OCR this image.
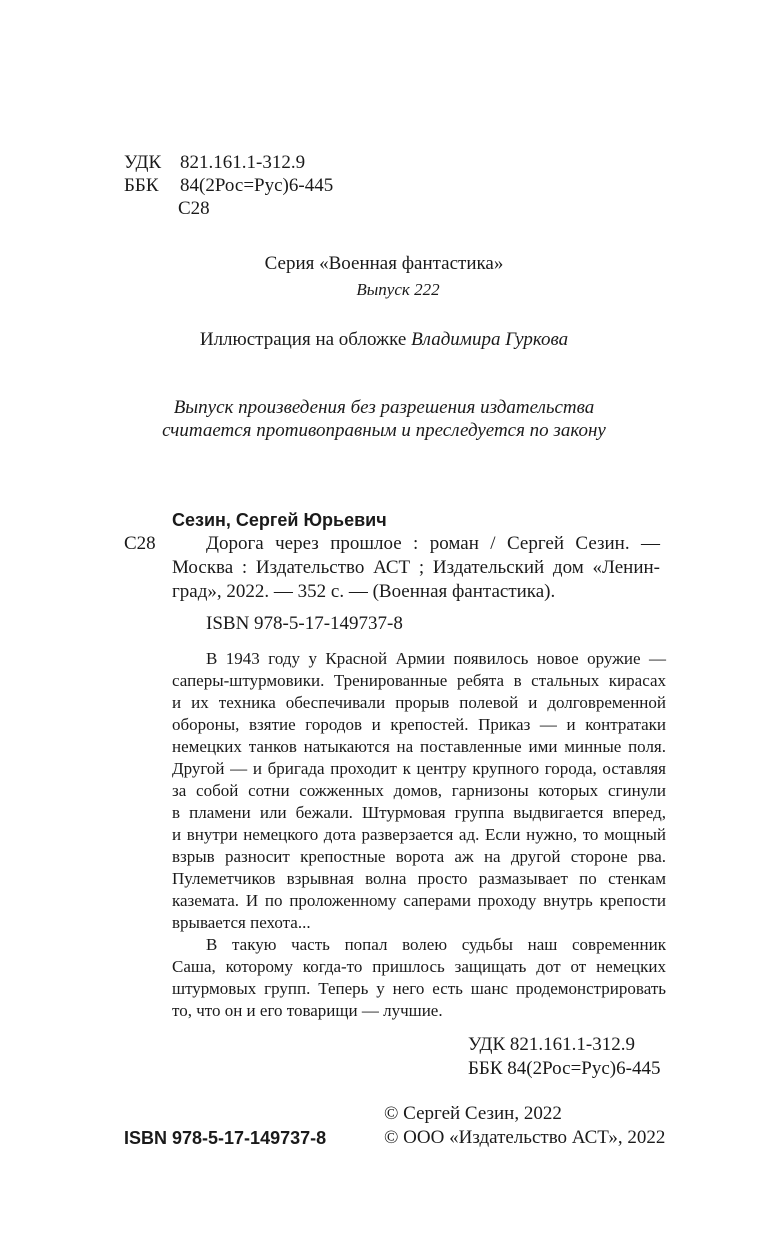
УДК 821.161.1-312.9
ББК 84(2Рос=Рус)6-445
С28
Серия «Военная фантастика»
Выпуск 222
Иллюстрация на обложке Владимира Гуркова
Выпуск произведения без разрешения издательства
считается противоправным и преследуется по закону
Сезин, Сергей Юрьевич
С28	Дорога через прошлое : роман / Сергей Сезин. —
Москва : Издательство АСТ ; Издательский дом «Ленин-
град», 2022. — 352 с. — (Военная фантастика).
ISBN 978-5-17-149737-8
В 1943 году у Красной Армии появилось новое оружие —
саперы-штурмовики. Тренированные ребята в стальных кирасах
и их техника обеспечивали прорыв полевой и долговременной
обороны, взятие городов и крепостей. Приказ — и контратаки
немецких танков натыкаются на поставленные ими минные поля.
Другой — и бригада проходит к центру крупного города, оставляя
за собой сотни сожженных домов, гарнизоны которых сгинули
в пламени или бежали. Штурмовая группа выдвигается вперед,
и внутри немецкого дота разверзается ад. Если нужно, то мощный
взрыв разносит крепостные ворота аж на другой стороне рва.
Пулеметчиков взрывная волна просто размазывает по стенкам
каземата. И по проложенному саперами проходу внутрь крепости
врывается пехота...
В такую часть попал волею судьбы наш современник
Саша, которому когда-то пришлось защищать дот от немецких
штурмовых групп. Теперь у него есть шанс продемонстрировать
то, что он и его товарищи — лучшие.
УДК 821.161.1-312.9
ББК 84(2Рос=Рус)6-445
© Сергей Сезин, 2022
© ООО «Издательство АСТ», 2022
ISBN 978-5-17-149737-8
